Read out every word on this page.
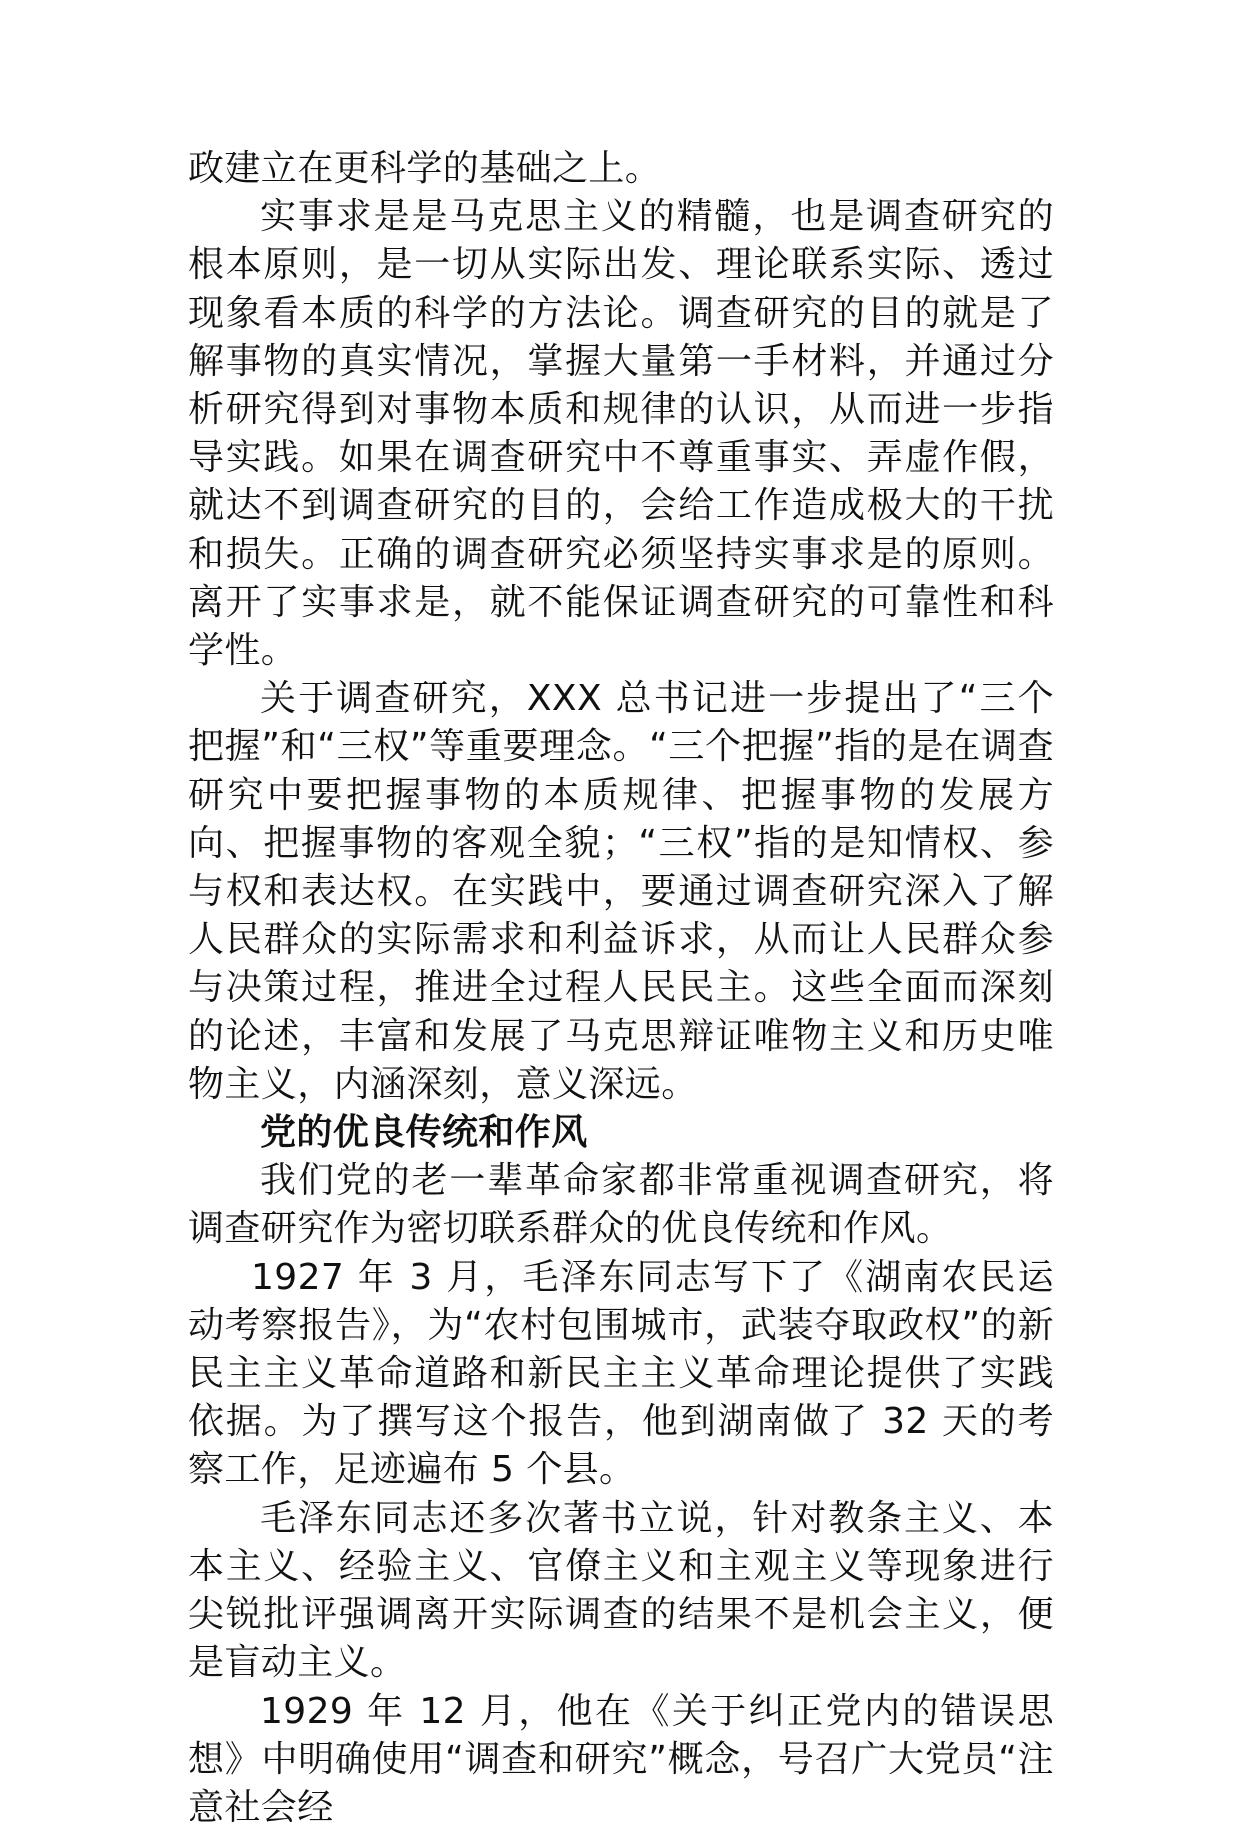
政建立在更科学的基础之上。

实事求是是马克思主义的精髓，也是调查研究的根本原则，是一切从实际出发、理论联系实际、透过现象看本质的科学的方法论。调查研究的目的就是了解事物的真实情况，掌握大量第一手材料，并通过分析研究得到对事物本质和规律的认识，从而进一步指导实践。如果在调查研究中不尊重事实、弄虚作假，就达不到调查研究的目的，会给工作造成极大的干扰和损失。正确的调查研究必须坚持实事求是的原则。离开了实事求是，就不能保证调查研究的可靠性和科学性。

关于调查研究，XXX 总书记进一步提出了“三个把握”和“三权”等重要理念。“三个把握”指的是在调查研究中要把握事物的本质规律、把握事物的发展方向、把握事物的客观全貌；“三权”指的是知情权、参与权和表达权。在实践中，要通过调查研究深入了解人民群众的实际需求和利益诉求，从而让人民群众参与决策过程，推进全过程人民民主。这些全面而深刻的论述，丰富和发展了马克思辩证唯物主义和历史唯物主义，内涵深刻，意义深远。

党的优良传统和作风

我们党的老一辈革命家都非常重视调查研究，将调查研究作为密切联系群众的优良传统和作风。

1927 年 3 月，毛泽东同志写下了《湖南农民运动考察报告》，为“农村包围城市，武装夺取政权”的新民主主义革命道路和新民主主义革命理论提供了实践依据。为了撰写这个报告，他到湖南做了 32 天的考察工作，足迹遍布 5 个县。

毛泽东同志还多次著书立说，针对教条主义、本本主义、经验主义、官僚主义和主观主义等现象进行尖锐批评强调离开实际调查的结果不是机会主义，便是盲动主义。

1929 年 12 月，他在《关于纠正党内的错误思想》中明确使用“调查和研究”概念，号召广大党员“注意社会经
